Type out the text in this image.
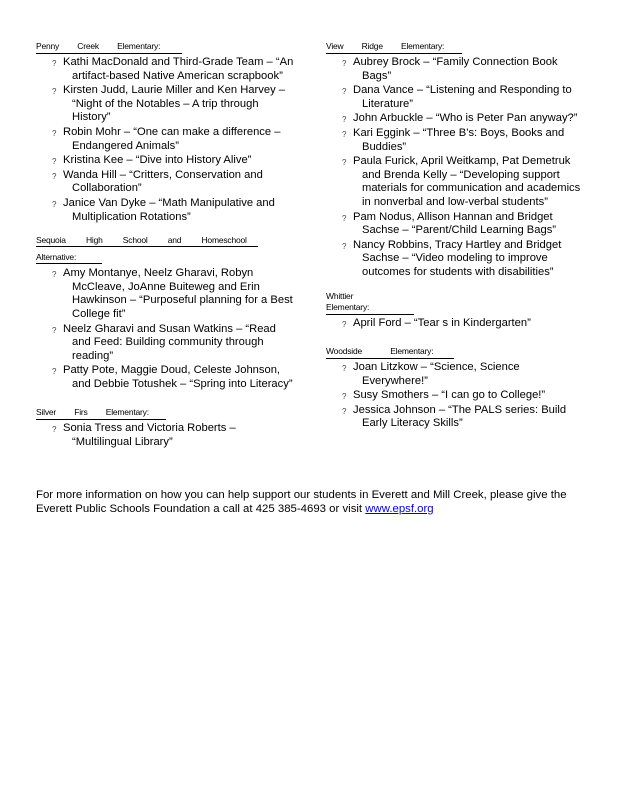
Penny Creek Elementary:
? Kathi MacDonald and Third-Grade Team – “An artifact-based Native American scrapbook”
? Kirsten Judd, Laurie Miller and Ken Harvey – “Night of the Notables – A trip through History”
? Robin Mohr – “One can make a difference – Endangered Animals”
? Kristina Kee – “Dive into History Alive”
? Wanda Hill – “Critters, Conservation and Collaboration”
? Janice Van Dyke – “Math Manipulative and Multiplication Rotations”
Sequoia High School and Homeschool
Alternative:
? Amy Montanye, Neelz Gharavi, Robyn McCleave, JoAnne Buiteweg and Erin Hawkinson – “Purposeful planning for a Best College fit”
? Neelz Gharavi and Susan Watkins – “Read and Feed: Building community through reading”
? Patty Pote, Maggie Doud, Celeste Johnson, and Debbie Totushek – “Spring into Literacy”
Silver Firs Elementary:
? Sonia Tress and Victoria Roberts – “Multilingual Library”
View Ridge Elementary:
? Aubrey Brock – “Family Connection Book Bags”
? Dana Vance – “Listening and Responding to Literature”
? John Arbuckle – “Who is Peter Pan anyway?”
? Kari Eggink – “Three B’s: Boys, Books and Buddies”
? Paula Furick, April Weitkamp, Pat Demetruk and Brenda Kelly – “Developing support materials for communication and academics in nonverbal and low-verbal students”
? Pam Nodus, Allison Hannan and Bridget Sachse – “Parent/Child Learning Bags”
? Nancy Robbins, Tracy Hartley and Bridget Sachse – “Video modeling to improve outcomes for students with disabilities”
Whittier Elementary:
? April Ford – “Tear s in Kindergarten”
Woodside Elementary:
? Joan Litzkow – “Science, Science Everywhere!”
? Susy Smothers – “I can go to College!”
? Jessica Johnson – “The PALS series: Build Early Literacy Skills”
For more information on how you can help support our students in Everett and Mill Creek, please give the Everett Public Schools Foundation a call at 425 385-4693 or visit www.epsf.org
